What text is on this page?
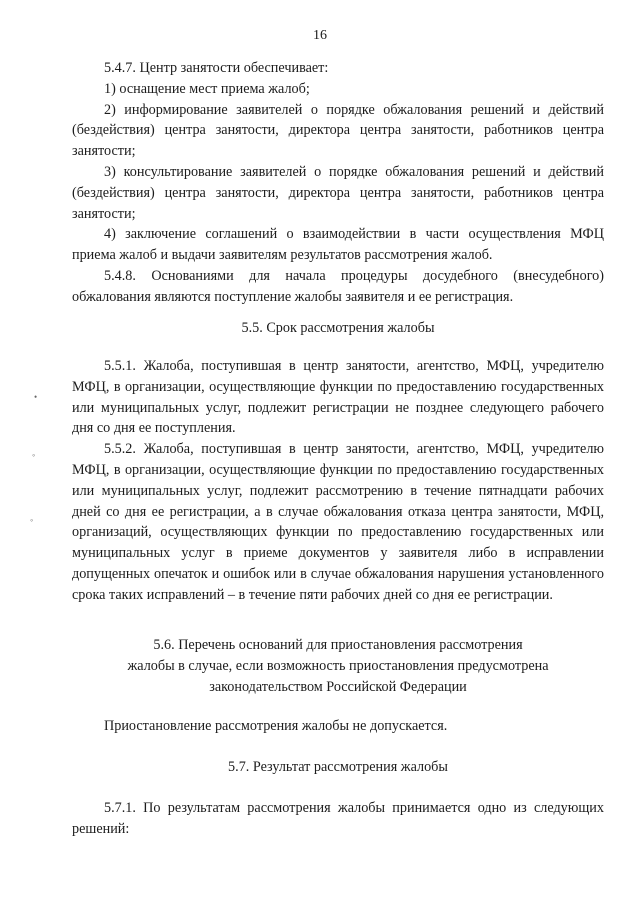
16
•
◦
◦

5.4.7. Центр занятости обеспечивает:

1) оснащение мест приема жалоб;

2) информирование заявителей о порядке обжалования решений и действий (бездействия) центра занятости, директора центра занятости, работников центра занятости;

3) консультирование заявителей о порядке обжалования решений и действий (бездействия) центра занятости, директора центра занятости, работников центра занятости;

4) заключение соглашений о взаимодействии в части осуществления МФЦ приема жалоб и выдачи заявителям результатов рассмотрения жалоб.

5.4.8. Основаниями для начала процедуры досудебного (внесудебного) обжалования являются поступление жалобы заявителя и ее регистрация.

5.5. Срок рассмотрения жалобы

5.5.1. Жалоба, поступившая в центр занятости, агентство, МФЦ, учредителю МФЦ, в организации, осуществляющие функции по предоставлению государственных или муниципальных услуг, подлежит регистрации не позднее следующего рабочего дня со дня ее поступления.

5.5.2. Жалоба, поступившая в центр занятости, агентство, МФЦ, учредителю МФЦ, в организации, осуществляющие функции по предоставлению государственных или муниципальных услуг, подлежит рассмотрению в течение пятнадцати рабочих дней со дня ее регистрации, а в случае обжалования отказа центра занятости, МФЦ, организаций, осуществляющих функции по предоставлению государственных или муниципальных услуг в приеме документов у заявителя либо в исправлении допущенных опечаток и ошибок или в случае обжалования нарушения установленного срока таких исправлений – в течение пяти рабочих дней со дня ее регистрации.

5.6. Перечень оснований для приостановления рассмотрения

жалобы в случае, если возможность приостановления предусмотрена законодательством Российской Федерации

Приостановление рассмотрения жалобы не допускается.

5.7. Результат рассмотрения жалобы

5.7.1. По результатам рассмотрения жалобы принимается одно из следующих решений:
